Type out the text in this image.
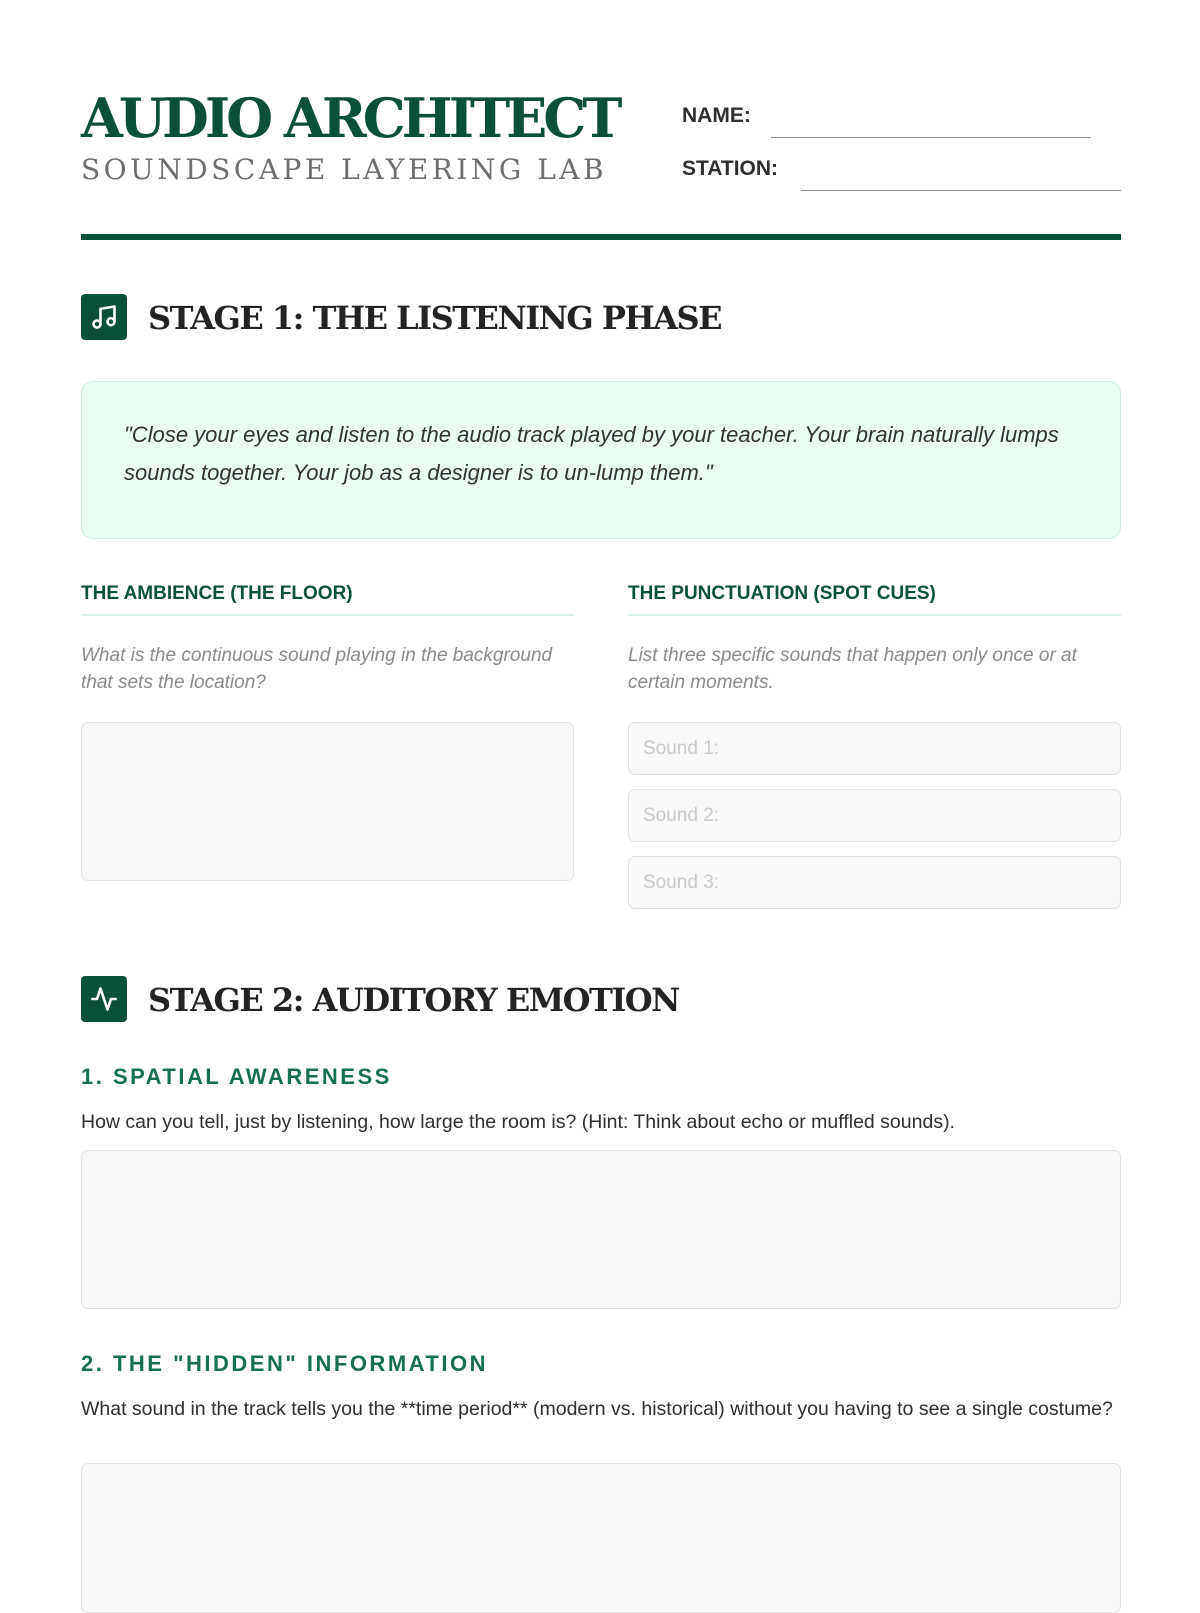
AUDIO ARCHITECT
SOUNDSCAPE LAYERING LAB
NAME:
STATION:
STAGE 1: THE LISTENING PHASE

"Close your eyes and listen to the audio track played by your teacher. Your brain naturally lumps sounds together. Your job as a designer is to un-lump them."

THE AMBIENCE (THE FLOOR)
What is the continuous sound playing in the background that sets the location?
THE PUNCTUATION (SPOT CUES)
List three specific sounds that happen only once or at certain moments.
Sound 1:
Sound 2:
Sound 3:
STAGE 2: AUDITORY EMOTION
1. SPATIAL AWARENESS
How can you tell, just by listening, how large the room is? (Hint: Think about echo or muffled sounds).
2. THE "HIDDEN" INFORMATION
What sound in the track tells you the **time period** (modern vs. historical) without you having to see a single costume?
